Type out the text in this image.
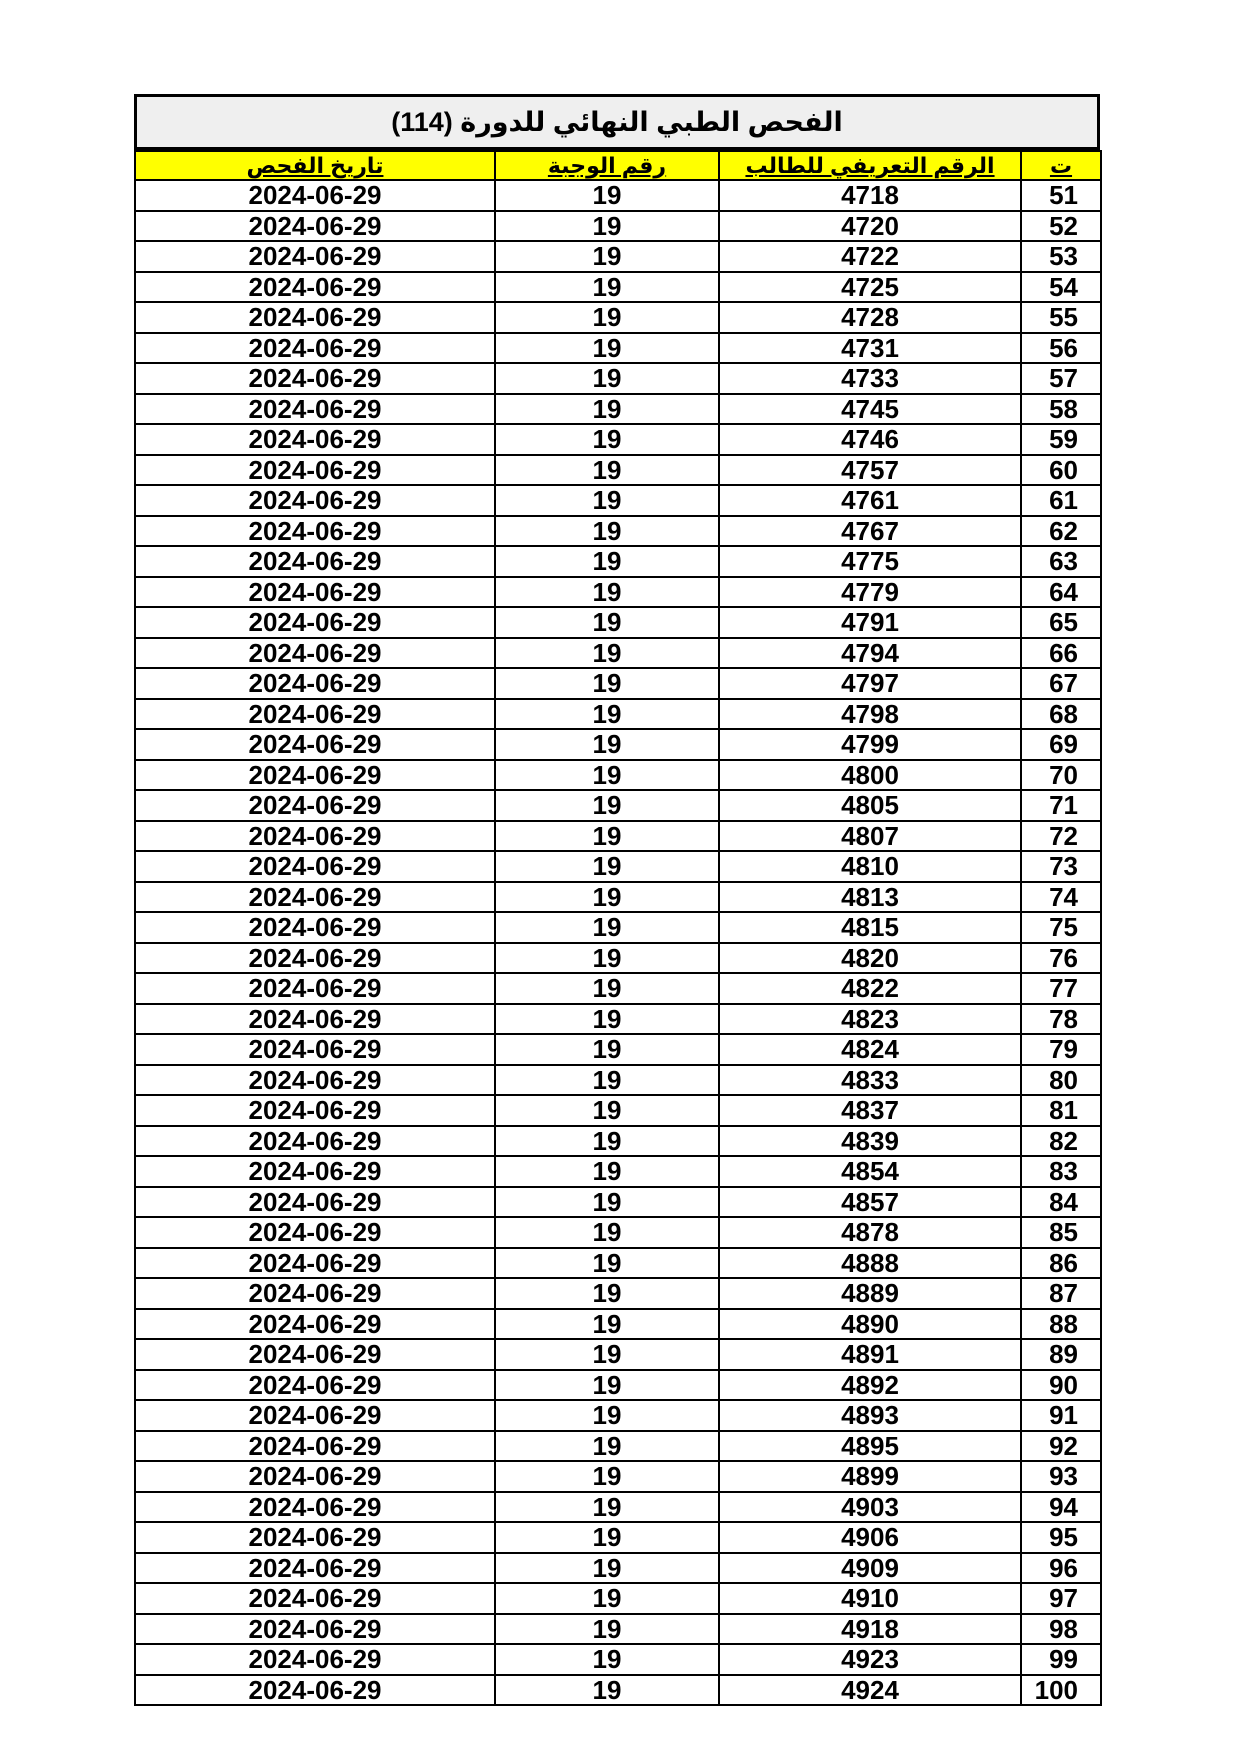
الفحص الطبي النهائي للدورة (114)
ت	الرقم التعريفي للطالب	رقم الوجبة	تاريخ الفحص
51	4718	19	2024-06-29
52	4720	19	2024-06-29
53	4722	19	2024-06-29
54	4725	19	2024-06-29
55	4728	19	2024-06-29
56	4731	19	2024-06-29
57	4733	19	2024-06-29
58	4745	19	2024-06-29
59	4746	19	2024-06-29
60	4757	19	2024-06-29
61	4761	19	2024-06-29
62	4767	19	2024-06-29
63	4775	19	2024-06-29
64	4779	19	2024-06-29
65	4791	19	2024-06-29
66	4794	19	2024-06-29
67	4797	19	2024-06-29
68	4798	19	2024-06-29
69	4799	19	2024-06-29
70	4800	19	2024-06-29
71	4805	19	2024-06-29
72	4807	19	2024-06-29
73	4810	19	2024-06-29
74	4813	19	2024-06-29
75	4815	19	2024-06-29
76	4820	19	2024-06-29
77	4822	19	2024-06-29
78	4823	19	2024-06-29
79	4824	19	2024-06-29
80	4833	19	2024-06-29
81	4837	19	2024-06-29
82	4839	19	2024-06-29
83	4854	19	2024-06-29
84	4857	19	2024-06-29
85	4878	19	2024-06-29
86	4888	19	2024-06-29
87	4889	19	2024-06-29
88	4890	19	2024-06-29
89	4891	19	2024-06-29
90	4892	19	2024-06-29
91	4893	19	2024-06-29
92	4895	19	2024-06-29
93	4899	19	2024-06-29
94	4903	19	2024-06-29
95	4906	19	2024-06-29
96	4909	19	2024-06-29
97	4910	19	2024-06-29
98	4918	19	2024-06-29
99	4923	19	2024-06-29
100	4924	19	2024-06-29
